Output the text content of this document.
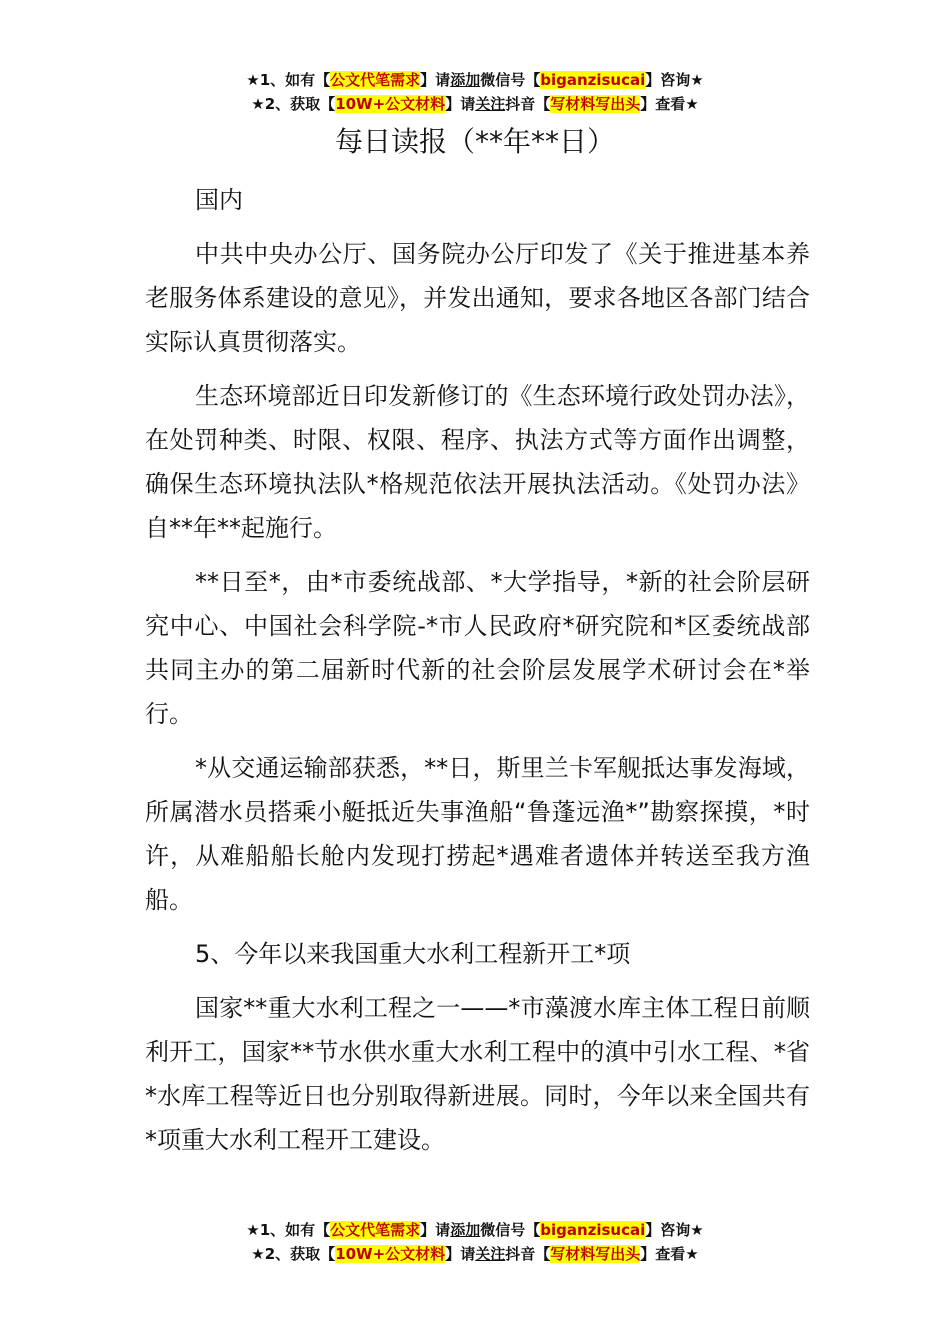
★1、如有【公文代笔需求】请添加微信号【biganzisucai】咨询★
★2、获取【10W+公文材料】请关注抖音【写材料写出头】查看★
每日读报（**年**日）

国内

中共中央办公厅、国务院办公厅印发了《关于推进基本养老服务体系建设的意见》，并发出通知，要求各地区各部门结合实际认真贯彻落实。

生态环境部近日印发新修订的《生态环境行政处罚办法》，在处罚种类、时限、权限、程序、执法方式等方面作出调整，确保生态环境执法队*格规范依法开展执法活动。《处罚办法》自**年**起施行。

**日至*，由*市委统战部、*大学指导，*新的社会阶层研究中心、中国社会科学院-*市人民政府*研究院和*区委统战部共同主办的第二届新时代新的社会阶层发展学术研讨会在*举行。

*从交通运输部获悉，**日，斯里兰卡军舰抵达事发海域，所属潜水员搭乘小艇抵近失事渔船“鲁蓬远渔*”勘察探摸，*时许，从难船船长舱内发现打捞起*遇难者遗体并转送至我方渔船。

5、今年以来我国重大水利工程新开工*项

国家**重大水利工程之一——*市藻渡水库主体工程日前顺利开工，国家**节水供水重大水利工程中的滇中引水工程、*省*水库工程等近日也分别取得新进展。同时，今年以来全国共有*项重大水利工程开工建设。

★1、如有【公文代笔需求】请添加微信号【biganzisucai】咨询★
★2、获取【10W+公文材料】请关注抖音【写材料写出头】查看★
